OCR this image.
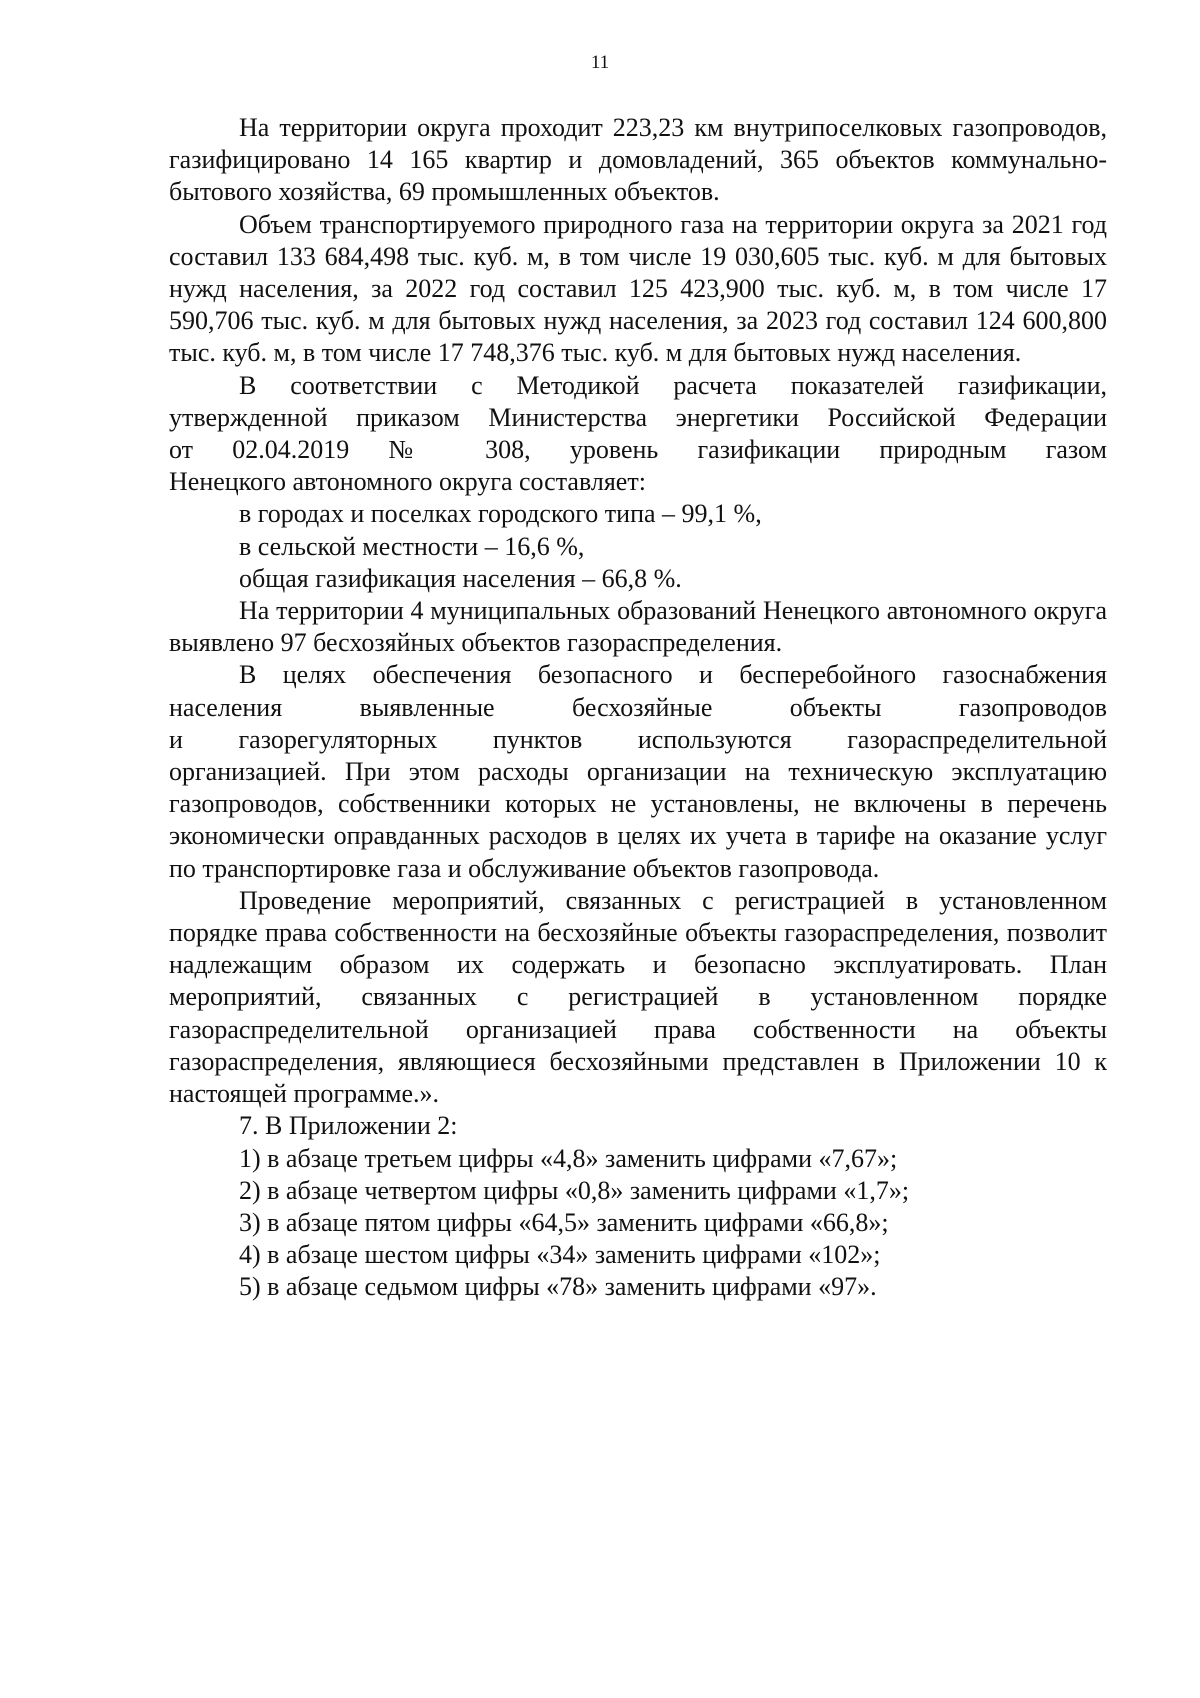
11

На территории округа проходит 223,23 км внутрипоселковых газопроводов, газифицировано 14 165 квартир и домовладений, 365 объектов коммунально-бытового хозяйства, 69 промышленных объектов.

Объем транспортируемого природного газа на территории округа за 2021 год составил 133 684,498 тыс. куб. м, в том числе 19 030,605 тыс. куб. м для бытовых нужд населения, за 2022 год составил 125 423,900 тыс. куб. м, в том числе 17 590,706 тыс. куб. м для бытовых нужд населения, за 2023 год составил 124 600,800 тыс. куб. м, в том числе 17 748,376 тыс. куб. м для бытовых нужд населения.

В соответствии с Методикой расчета показателей газификации,
утвержденной приказом Министерства энергетики Российской Федерации
от 02.04.2019 № 308, уровень газификации природным газом
Ненецкого автономного округа составляет:

в городах и поселках городского типа – 99,1 %,

в сельской местности – 16,6 %,

общая газификация населения – 66,8 %.

На территории 4 муниципальных образований Ненецкого автономного округа выявлено 97 бесхозяйных объектов газораспределения.

В целях обеспечения безопасного и бесперебойного газоснабжения
населения выявленные бесхозяйные объекты газопроводов
и газорегуляторных пунктов используются газораспределительной
организацией. При этом расходы организации на техническую эксплуатацию газопроводов, собственники которых не установлены, не включены в перечень экономически оправданных расходов в целях их учета в тарифе на оказание услуг по транспортировке газа и обслуживание объектов газопровода.

Проведение мероприятий, связанных с регистрацией в установленном порядке права собственности на бесхозяйные объекты газораспределения, позволит надлежащим образом их содержать и безопасно эксплуатировать. План мероприятий, связанных с регистрацией в установленном порядке газораспределительной организацией права собственности на объекты газораспределения, являющиеся бесхозяйными представлен в Приложении 10 к настоящей программе.».

7. В Приложении 2:

1) в абзаце третьем цифры «4,8» заменить цифрами «7,67»;

2) в абзаце четвертом цифры «0,8» заменить цифрами «1,7»;

3) в абзаце пятом цифры «64,5» заменить цифрами «66,8»;

4) в абзаце шестом цифры «34» заменить цифрами «102»;

5) в абзаце седьмом цифры «78» заменить цифрами «97».
